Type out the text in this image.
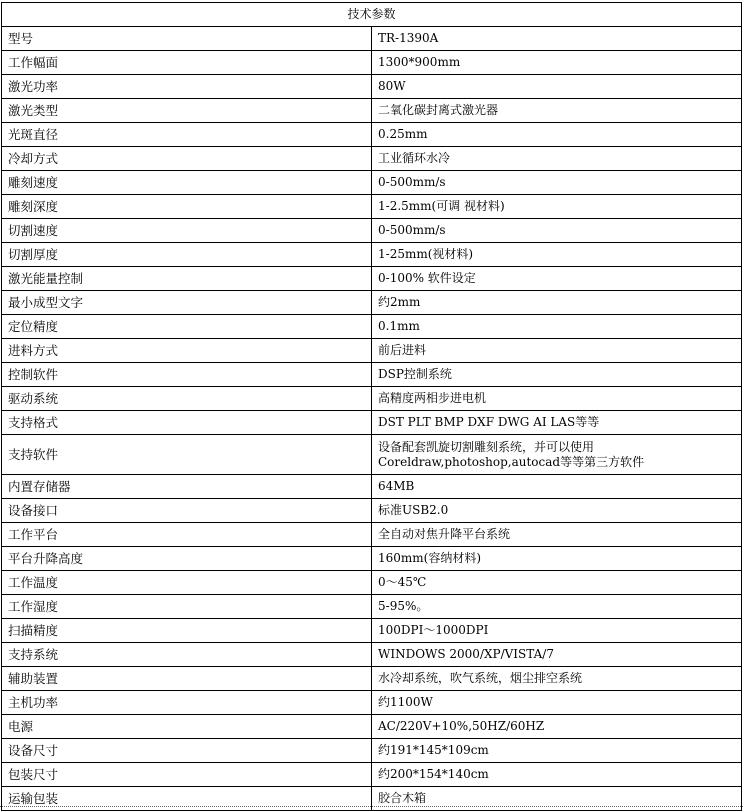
技术参数	
型号	TR-1390A
工作幅面	1300*900mm
激光功率	80W
激光类型	二氧化碳封离式激光器
光斑直径	0.25mm
冷却方式	工业循环水冷
雕刻速度	0-500mm/s
雕刻深度	1-2.5mm(可调 视材料)
切割速度	0-500mm/s
切割厚度	1-25mm(视材料)
激光能量控制	0-100% 软件设定
最小成型文字	约2mm
定位精度	0.1mm
进料方式	前后进料
控制软件	DSP控制系统
驱动系统	高精度两相步进电机
支持格式	DST PLT BMP DXF DWG AI LAS等等
支持软件	设备配套凯旋切割雕刻系统，并可以使用Coreldraw,photoshop,autocad等等第三方软件
内置存储器	64MB
设备接口	标准USB2.0
工作平台	全自动对焦升降平台系统
平台升降高度	160mm(容纳材料)
工作温度	0～45℃
工作湿度	5-95%。
扫描精度	100DPI～1000DPI
支持系统	WINDOWS 2000/XP/VISTA/7
辅助装置	水冷却系统，吹气系统，烟尘排空系统
主机功率	约1100W
电源	AC/220V+10%,50HZ/60HZ
设备尺寸	约191*145*109cm
包装尺寸	约200*154*140cm
运输包装	胶合木箱
